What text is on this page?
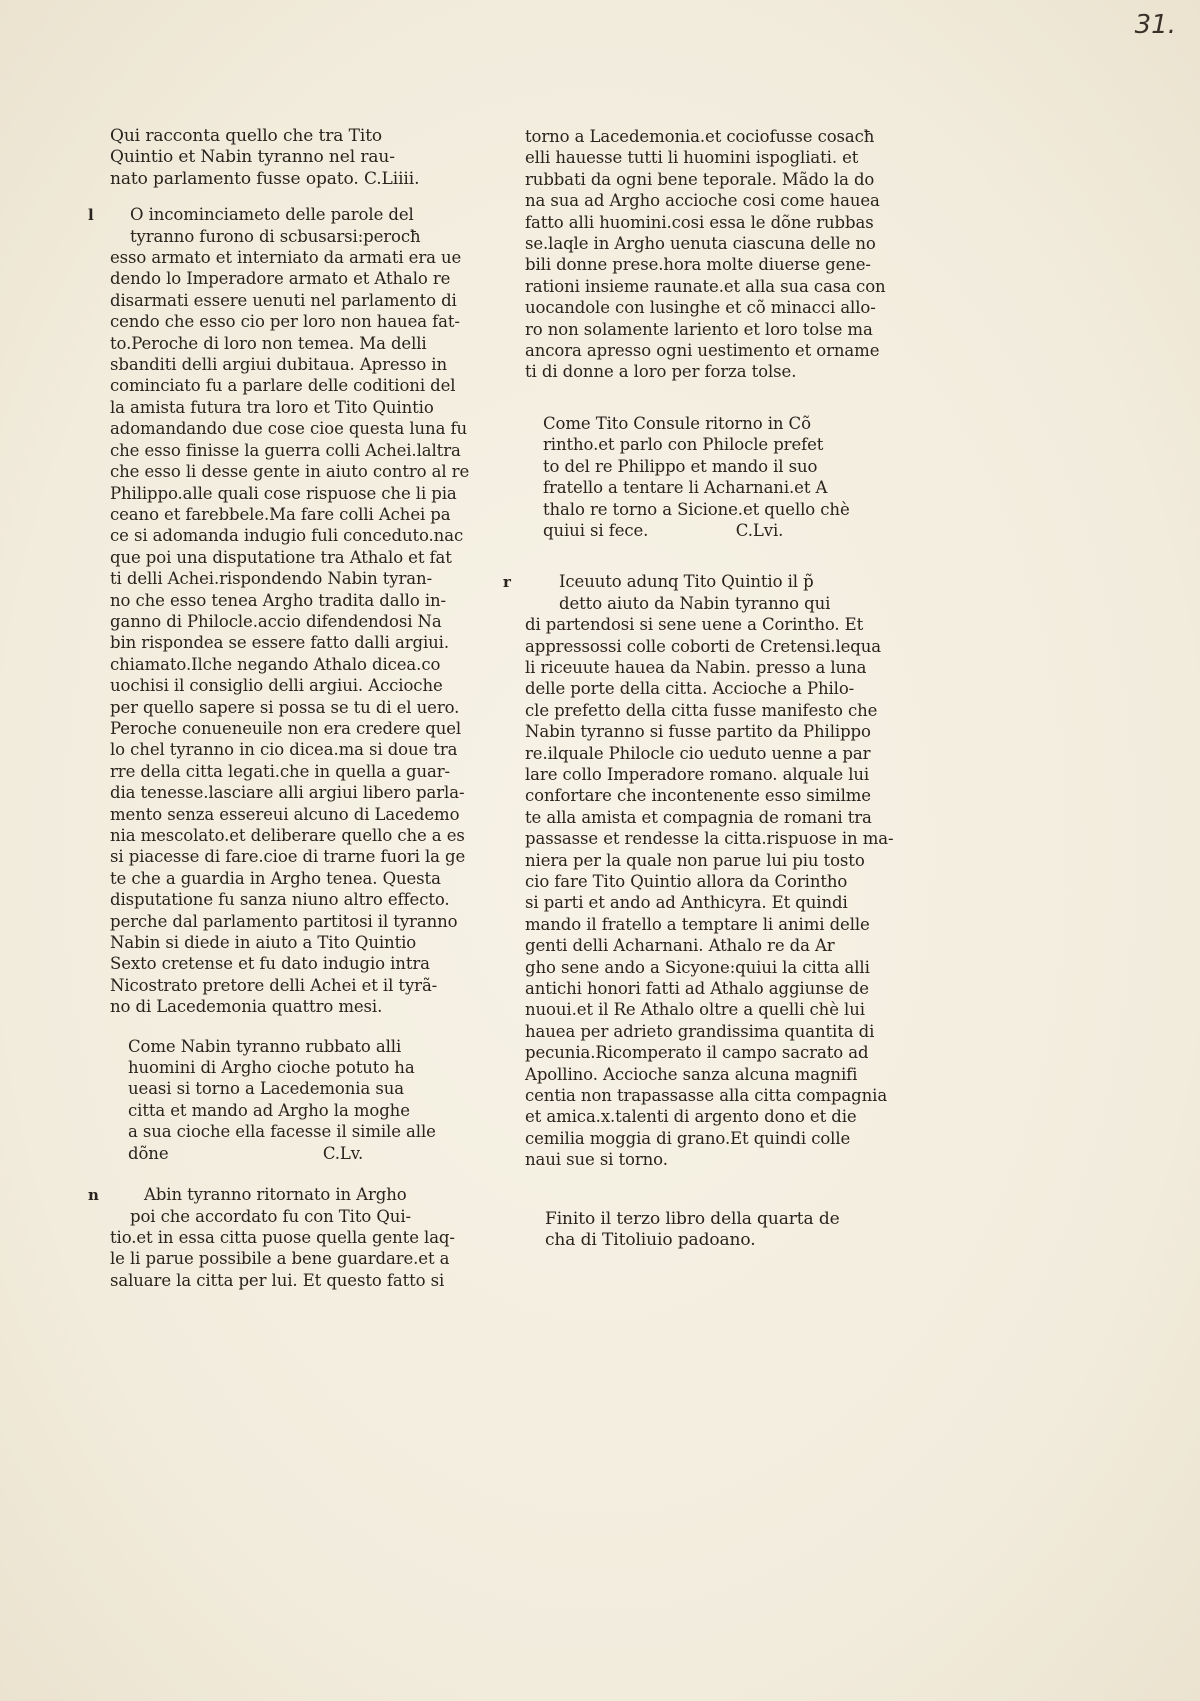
31.
Qui racconta quello che tra Tito
Quintio et Nabin tyranno nel rau-
nato parlamento fusse opato. C.Liiii.
l	O incominciameto delle parole del
tyranno furono di scbusarsi:perocħ
esso armato et interniato da armati era ue
dendo lo Imperadore armato et Athalo re
disarmati essere uenuti nel parlamento di
cendo che esso cio per loro non hauea fat-
to.Peroche di loro non temea. Ma delli
sbanditi delli argiui dubitaua. Apresso in
cominciato fu a parlare delle coditioni del
la amista futura tra loro et Tito Quintio
adomandando due cose cioe questa luna fu
che esso finisse la guerra colli Achei.laltra
che esso li desse gente in aiuto contro al re
Philippo.alle quali cose rispuose che li pia
ceano et farebbele.Ma fare colli Achei pa
ce si adomanda indugio fuli conceduto.nac
que poi una disputatione tra Athalo et fat
ti delli Achei.rispondendo Nabin tyran-
no che esso tenea Argho tradita dallo in-
ganno di Philocle.accio difendendosi Na
bin rispondea se essere fatto dalli argiui.
chiamato.Ilche negando Athalo dicea.co
uochisi il consiglio delli argiui. Accioche
per quello sapere si possa se tu di el uero.
Peroche conueneuile non era credere quel
lo chel tyranno in cio dicea.ma si doue tra
rre della citta legati.che in quella a guar-
dia tenesse.lasciare alli argiui libero parla-
mento senza essereui alcuno di Lacedemo
nia mescolato.et deliberare quello che a es
si piacesse di fare.cioe di trarne fuori la ge
te che a guardia in Argho tenea. Questa
disputatione fu sanza niuno altro effecto.
perche dal parlamento partitosi il tyranno
Nabin si diede in aiuto a Tito Quintio
Sexto cretense et fu dato indugio intra
Nicostrato pretore delli Achei et il tyrã-
no di Lacedemonia quattro mesi.
Come Nabin tyranno rubbato alli
huomini di Argho cioche potuto ha
ueasi si torno a Lacedemonia sua
citta et mando ad Argho la moghe
a sua cioche ella facesse il simile alle
dõne                              C.Lv.
n	Abin tyranno ritornato in Argho
poi che accordato fu con Tito Qui-
tio.et in essa citta puose quella gente laq-
le li parue possibile a bene guardare.et a
saluare la citta per lui. Et questo fatto si
torno a Lacedemonia.et cociofusse cosacħ
elli hauesse tutti li huomini ispogliati. et
rubbati da ogni bene teporale. Mãdo la do
na sua ad Argho accioche cosi come hauea
fatto alli huomini.cosi essa le dõne rubbas
se.laqle in Argho uenuta ciascuna delle no
bili donne prese.hora molte diuerse gene-
rationi insieme raunate.et alla sua casa con
uocandole con lusinghe et cõ minacci allo-
ro non solamente lariento et loro tolse ma
ancora apresso ogni uestimento et orname
ti di donne a loro per forza tolse.
Come Tito Consule ritorno in Cõ
rintho.et parlo con Philocle prefet
to del re Philippo et mando il suo
fratello a tentare li Acharnani.et A
thalo re torno a Sicione.et quello chè
quiui si fece.                 C.Lvi.
r	Iceuuto adunq Tito Quintio il p̃
detto aiuto da Nabin tyranno qui
di partendosi si sene uene a Corintho. Et
appressossi colle coborti de Cretensi.lequa
li riceuute hauea da Nabin. presso a luna
delle porte della citta. Accioche a Philo-
cle prefetto della citta fusse manifesto che
Nabin tyranno si fusse partito da Philippo
re.ilquale Philocle cio ueduto uenne a par
lare collo Imperadore romano. alquale lui
confortare che incontenente esso similme
te alla amista et compagnia de romani tra
passasse et rendesse la citta.rispuose in ma-
niera per la quale non parue lui piu tosto
cio fare Tito Quintio allora da Corintho
si parti et ando ad Anthicyra. Et quindi
mando il fratello a temptare li animi delle
genti delli Acharnani. Athalo re da Ar
gho sene ando a Sicyone:quiui la citta alli
antichi honori fatti ad Athalo aggiunse de
nuoui.et il Re Athalo oltre a quelli chè lui
hauea per adrieto grandissima quantita di
pecunia.Ricomperato il campo sacrato ad
Apollino. Accioche sanza alcuna magnifi
centia non trapassasse alla citta compagnia
et amica.x.talenti di argento dono et die
cemilia moggia di grano.Et quindi colle
naui sue si torno.
Finito il terzo libro della quarta de
cha di Titoliuio padoano.
